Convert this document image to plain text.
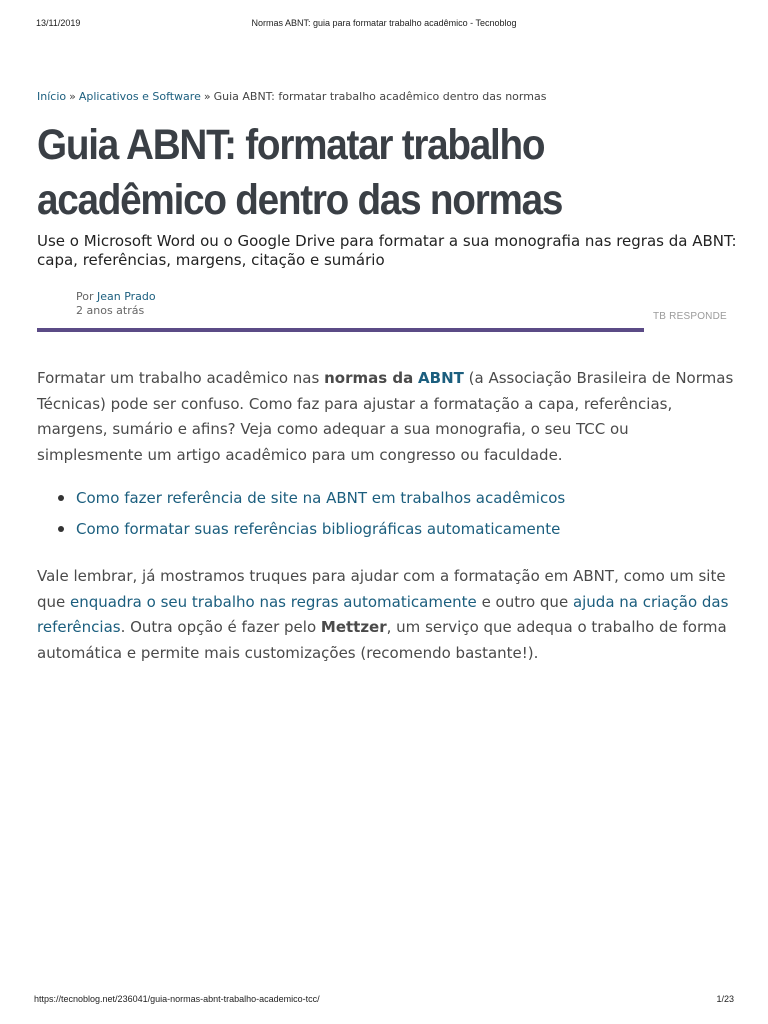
13/11/2019	Normas ABNT: guia para formatar trabalho acadêmico - Tecnoblog
Início » Aplicativos e Software » Guia ABNT: formatar trabalho acadêmico dentro das normas
Guia ABNT: formatar trabalho acadêmico dentro das normas

Use o Microsoft Word ou o Google Drive para formatar a sua monografia nas regras da ABNT: capa, referências, margens, citação e sumário

Por Jean Prado
2 anos atrás	TB RESPONDE

Formatar um trabalho acadêmico nas normas da ABNT (a Associação Brasileira de Normas Técnicas) pode ser confuso. Como faz para ajustar a formatação a capa, referências, margens, sumário e afins? Veja como adequar a sua monografia, o seu TCC ou simplesmente um artigo acadêmico para um congresso ou faculdade.

Como fazer referência de site na ABNT em trabalhos acadêmicos
Como formatar suas referências bibliográficas automaticamente

Vale lembrar, já mostramos truques para ajudar com a formatação em ABNT, como um site que enquadra o seu trabalho nas regras automaticamente e outro que ajuda na criação das referências. Outra opção é fazer pelo Mettzer, um serviço que adequa o trabalho de forma automática e permite mais customizações (recomendo bastante!).

https://tecnoblog.net/236041/guia-normas-abnt-trabalho-academico-tcc/	1/23
